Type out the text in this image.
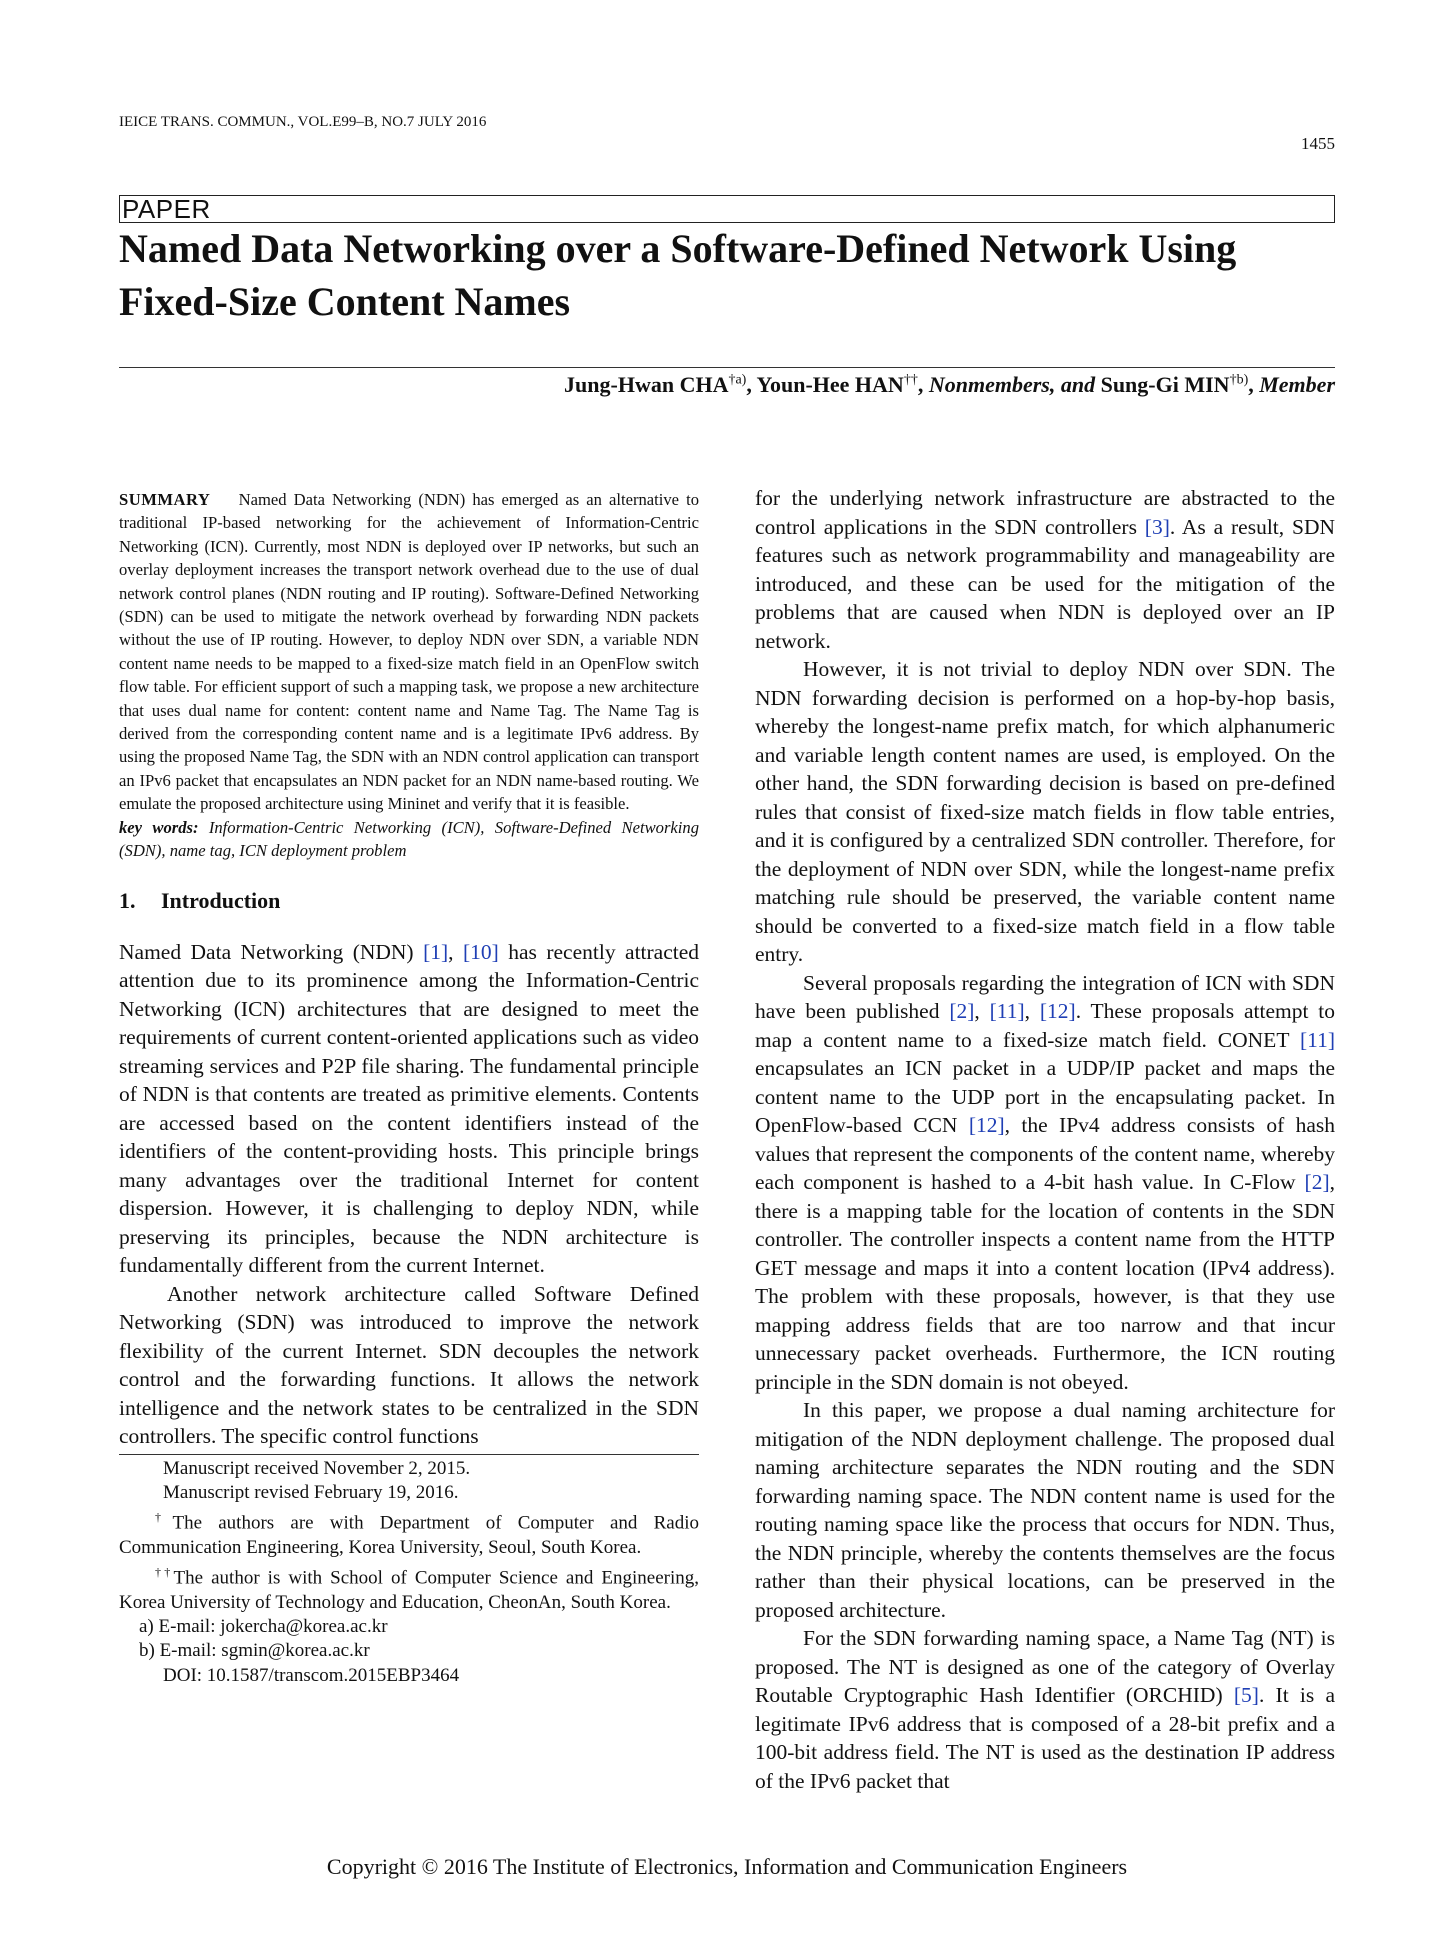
IEICE TRANS. COMMUN., VOL.E99–B, NO.7 JULY 2016
1455
PAPER
Named Data Networking over a Software-Defined Network Using
Fixed-Size Content Names
Jung-Hwan CHA$^{\dagger a)}$, Youn-Hee HAN††, Nonmembers, and Sung-Gi MIN$^{\dagger b)}$, Member

SUMMARY Named Data Networking (NDN) has emerged as an alternative to traditional IP-based networking for the achievement of Information-Centric Networking (ICN). Currently, most NDN is deployed over IP networks, but such an overlay deployment increases the transport network overhead due to the use of dual network control planes (NDN routing and IP routing). Software-Defined Networking (SDN) can be used to mitigate the network overhead by forwarding NDN packets without the use of IP routing. However, to deploy NDN over SDN, a variable NDN content name needs to be mapped to a fixed-size match field in an OpenFlow switch flow table. For efficient support of such a mapping task, we propose a new architecture that uses dual name for content: content name and Name Tag. The Name Tag is derived from the corresponding content name and is a legitimate IPv6 address. By using the proposed Name Tag, the SDN with an NDN control application can transport an IPv6 packet that encapsulates an NDN packet for an NDN name-based routing. We emulate the proposed architecture using Mininet and verify that it is feasible.

key words: Information-Centric Networking (ICN), Software-Defined Networking (SDN), name tag, ICN deployment problem

1. Introduction

Named Data Networking (NDN) [1], [10] has recently attracted attention due to its prominence among the Information-Centric Networking (ICN) architectures that are designed to meet the requirements of current content-oriented applications such as video streaming services and P2P file sharing. The fundamental principle of NDN is that contents are treated as primitive elements. Contents are accessed based on the content identifiers instead of the identifiers of the content-providing hosts. This principle brings many advantages over the traditional Internet for content dispersion. However, it is challenging to deploy NDN, while preserving its principles, because the NDN architecture is fundamentally different from the current Internet.

Another network architecture called Software Defined Networking (SDN) was introduced to improve the network flexibility of the current Internet. SDN decouples the network control and the forwarding functions. It allows the network intelligence and the network states to be centralized in the SDN controllers. The specific control functions

Manuscript received November 2, 2015.

Manuscript revised February 19, 2016.

†The authors are with Department of Computer and Radio Communication Engineering, Korea University, Seoul, South Korea.

††The author is with School of Computer Science and Engineering, Korea University of Technology and Education, CheonAn, South Korea.

a) E-mail: jokercha@korea.ac.kr

b) E-mail: sgmin@korea.ac.kr

DOI: 10.1587/transcom.2015EBP3464

for the underlying network infrastructure are abstracted to the control applications in the SDN controllers [3]. As a result, SDN features such as network programmability and manageability are introduced, and these can be used for the mitigation of the problems that are caused when NDN is deployed over an IP network.

However, it is not trivial to deploy NDN over SDN. The NDN forwarding decision is performed on a hop-by-hop basis, whereby the longest-name prefix match, for which alphanumeric and variable length content names are used, is employed. On the other hand, the SDN forwarding decision is based on pre-defined rules that consist of fixed-size match fields in flow table entries, and it is configured by a centralized SDN controller. Therefore, for the deployment of NDN over SDN, while the longest-name prefix matching rule should be preserved, the variable content name should be converted to a fixed-size match field in a flow table entry.

Several proposals regarding the integration of ICN with SDN have been published [2], [11], [12]. These proposals attempt to map a content name to a fixed-size match field. CONET [11] encapsulates an ICN packet in a UDP/IP packet and maps the content name to the UDP port in the encapsulating packet. In OpenFlow-based CCN [12], the IPv4 address consists of hash values that represent the components of the content name, whereby each component is hashed to a 4-bit hash value. In C-Flow [2], there is a mapping table for the location of contents in the SDN controller. The controller inspects a content name from the HTTP GET message and maps it into a content location (IPv4 address). The problem with these proposals, however, is that they use mapping address fields that are too narrow and that incur unnecessary packet overheads. Furthermore, the ICN routing principle in the SDN domain is not obeyed.

In this paper, we propose a dual naming architecture for mitigation of the NDN deployment challenge. The proposed dual naming architecture separates the NDN routing and the SDN forwarding naming space. The NDN content name is used for the routing naming space like the process that occurs for NDN. Thus, the NDN principle, whereby the contents themselves are the focus rather than their physical locations, can be preserved in the proposed architecture.

For the SDN forwarding naming space, a Name Tag (NT) is proposed. The NT is designed as one of the category of Overlay Routable Cryptographic Hash Identifier (ORCHID) [5]. It is a legitimate IPv6 address that is composed of a 28-bit prefix and a 100-bit address field. The NT is used as the destination IP address of the IPv6 packet that

Copyright © 2016 The Institute of Electronics, Information and Communication Engineers
